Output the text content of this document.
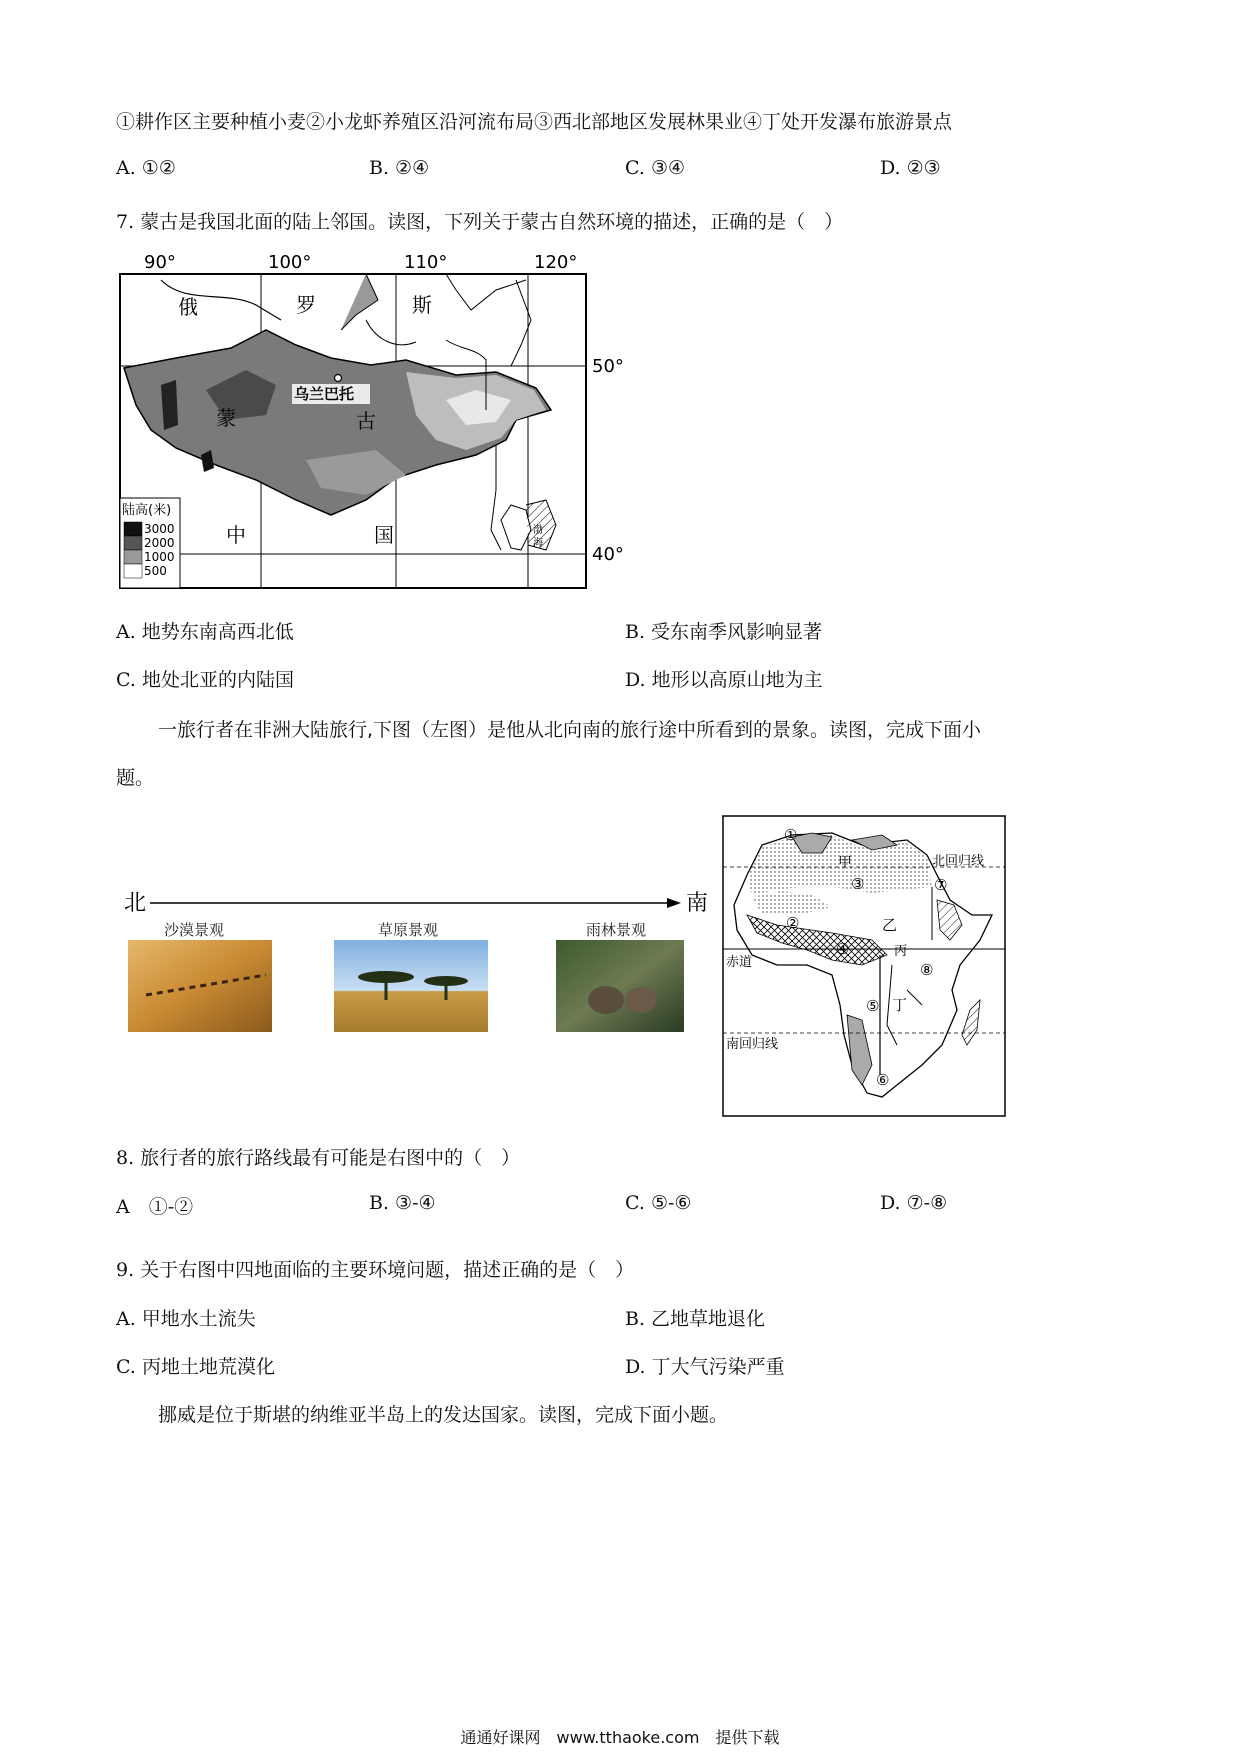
①耕作区主要种植小麦②小龙虾养殖区沿河流布局③西北部地区发展林果业④丁处开发瀑布旅游景点
A. ①②	B. ②④	C. ③④	D. ②③
7. 蒙古是我国北面的陆上邻国。读图，下列关于蒙古自然环境的描述，正确的是（　）
90°	100°	110°	120°
俄	罗	斯
蒙	古
中	国
乌兰巴托
50°
40°
陆高(米)
3000
2000
1000
500
渤
海
A. 地势东南高西北低	B. 受东南季风影响显著
C. 地处北亚的内陆国	D. 地形以高原山地为主
一旅行者在非洲大陆旅行,下图（左图）是他从北向南的旅行途中所看到的景象。读图，完成下面小
题。
北	南
沙漠景观	草原景观	雨林景观
北回归线
赤道
南回归线
甲
乙
丙
丁
①
②
③
④
⑤
⑥
⑦
⑧
8. 旅行者的旅行路线最有可能是右图中的（　）
A　①-②	B. ③-④	C. ⑤-⑥	D. ⑦-⑧
9. 关于右图中四地面临的主要环境问题，描述正确的是（　）
A. 甲地水土流失	B. 乙地草地退化
C. 丙地土地荒漠化	D. 丁大气污染严重
挪威是位于斯堪的纳维亚半岛上的发达国家。读图，完成下面小题。
通通好课网　www.tthaoke.com　提供下载
